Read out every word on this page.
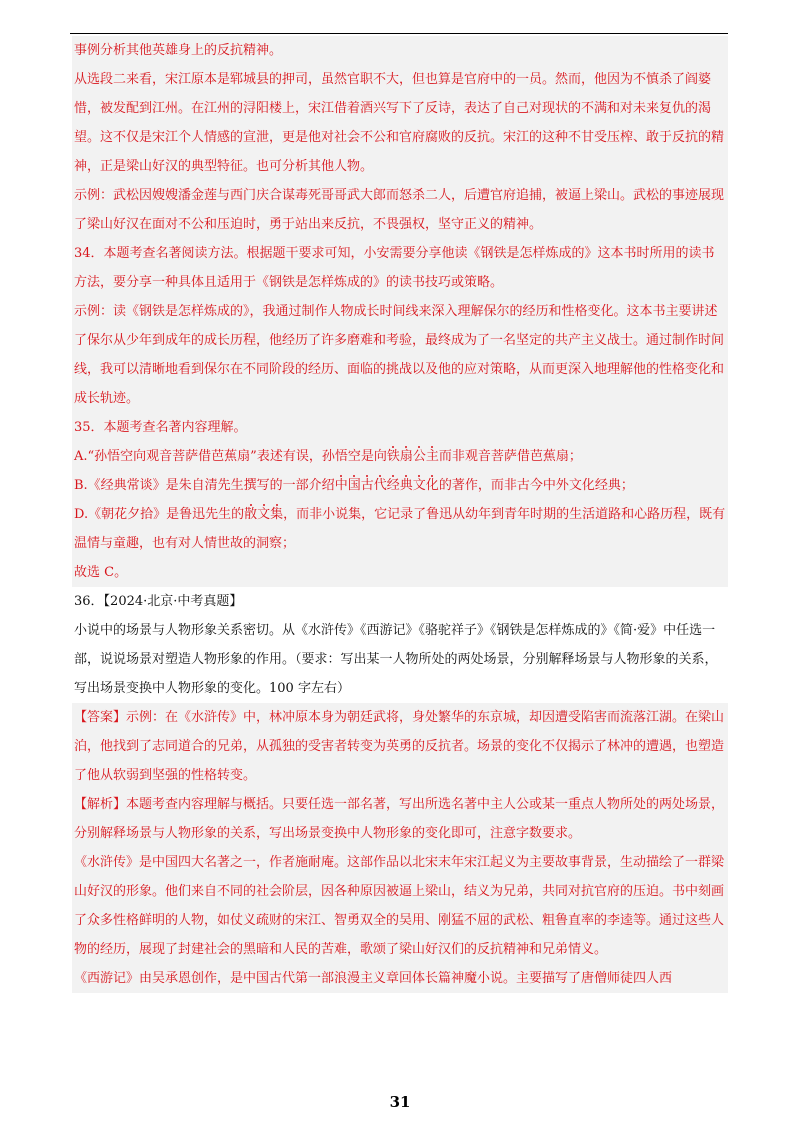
事例分析其他英雄身上的反抗精神。

从选段二来看，宋江原本是郓城县的押司，虽然官职不大，但也算是官府中的一员。然而，他因为不慎杀了阎婆惜，被发配到江州。在江州的浔阳楼上，宋江借着酒兴写下了反诗，表达了自己对现状的不满和对未来复仇的渴望。这不仅是宋江个人情感的宣泄，更是他对社会不公和官府腐败的反抗。宋江的这种不甘受压榨、敢于反抗的精神，正是梁山好汉的典型特征。也可分析其他人物。

示例：武松因嫂嫂潘金莲与西门庆合谋毒死哥哥武大郎而怒杀二人，后遭官府追捕，被逼上梁山。武松的事迹展现了梁山好汉在面对不公和压迫时，勇于站出来反抗，不畏强权，坚守正义的精神。

34．本题考查名著阅读方法。根据题干要求可知，小安需要分享他读《钢铁是怎样炼成的》这本书时所用的读书方法，要分享一种具体且适用于《钢铁是怎样炼成的》的读书技巧或策略。

示例：读《钢铁是怎样炼成的》，我通过制作人物成长时间线来深入理解保尔的经历和性格变化。这本书主要讲述了保尔从少年到成年的成长历程，他经历了许多磨难和考验，最终成为了一名坚定的共产主义战士。通过制作时间线，我可以清晰地看到保尔在不同阶段的经历、面临的挑战以及他的应对策略，从而更深入地理解他的性格变化和成长轨迹。

35．本题考查名著内容理解。

A.“孙悟空向观音菩萨借芭蕉扇”表述有误，孙悟空是向铁扇公主而非观音菩萨借芭蕉扇；

B.《经典常谈》是朱自清先生撰写的一部介绍中国古代经典文化的著作，而非古今中外文化经典；

D.《朝花夕拾》是鲁迅先生的散文集，而非小说集，它记录了鲁迅从幼年到青年时期的生活道路和心路历程，既有温情与童趣，也有对人情世故的洞察；

故选 C。

36．【2024·北京·中考真题】

小说中的场景与人物形象关系密切。从《水浒传》《西游记》《骆驼祥子》《钢铁是怎样炼成的》《简·爱》中任选一部，说说场景对塑造人物形象的作用。（要求：写出某一人物所处的两处场景，分别解释场景与人物形象的关系，写出场景变换中人物形象的变化。100 字左右）

【答案】示例：在《水浒传》中，林冲原本身为朝廷武将，身处繁华的东京城，却因遭受陷害而流落江湖。在梁山泊，他找到了志同道合的兄弟，从孤独的受害者转变为英勇的反抗者。场景的变化不仅揭示了林冲的遭遇，也塑造了他从软弱到坚强的性格转变。

【解析】本题考查内容理解与概括。只要任选一部名著，写出所选名著中主人公或某一重点人物所处的两处场景，分别解释场景与人物形象的关系，写出场景变换中人物形象的变化即可，注意字数要求。

《水浒传》是中国四大名著之一，作者施耐庵。这部作品以北宋末年宋江起义为主要故事背景，生动描绘了一群梁山好汉的形象。他们来自不同的社会阶层，因各种原因被逼上梁山，结义为兄弟，共同对抗官府的压迫。书中刻画了众多性格鲜明的人物，如仗义疏财的宋江、智勇双全的吴用、刚猛不屈的武松、粗鲁直率的李逵等。通过这些人物的经历，展现了封建社会的黑暗和人民的苦难，歌颂了梁山好汉们的反抗精神和兄弟情义。

《西游记》由吴承恩创作，是中国古代第一部浪漫主义章回体长篇神魔小说。主要描写了唐僧师徒四人西

31
